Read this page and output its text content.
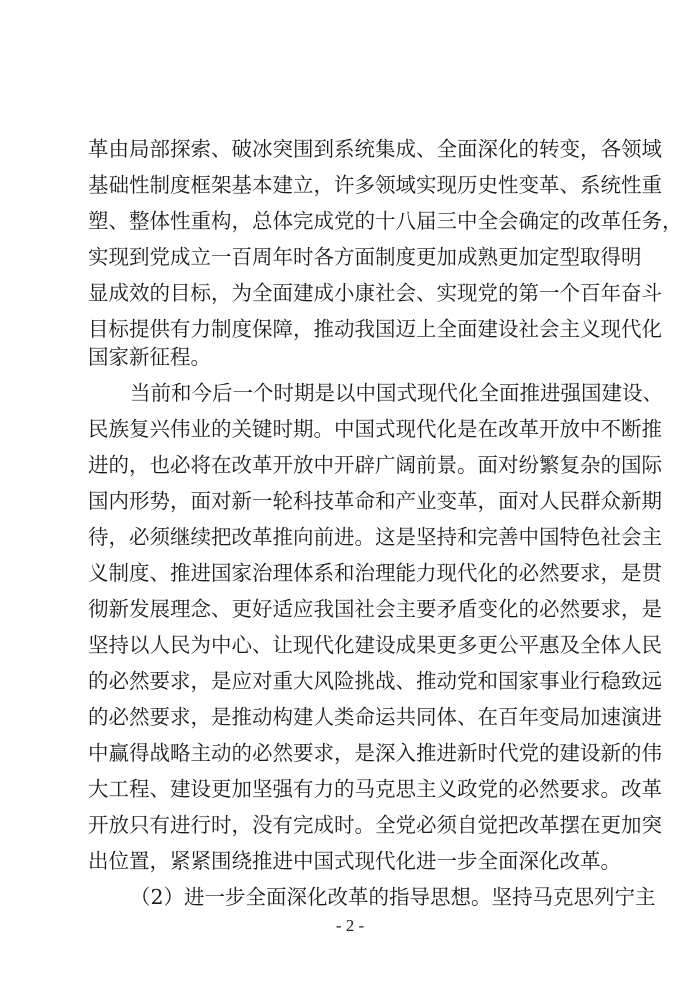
革由局部探索、破冰突围到系统集成、全面深化的转变，各领域
基础性制度框架基本建立，许多领域实现历史性变革、系统性重
塑、整体性重构，总体完成党的十八届三中全会确定的改革任务，
实现到党成立一百周年时各方面制度更加成熟更加定型取得明
显成效的目标，为全面建成小康社会、实现党的第一个百年奋斗
目标提供有力制度保障，推动我国迈上全面建设社会主义现代化
国家新征程。
当前和今后一个时期是以中国式现代化全面推进强国建设、
民族复兴伟业的关键时期。中国式现代化是在改革开放中不断推
进的，也必将在改革开放中开辟广阔前景。面对纷繁复杂的国际
国内形势，面对新一轮科技革命和产业变革，面对人民群众新期
待，必须继续把改革推向前进。这是坚持和完善中国特色社会主
义制度、推进国家治理体系和治理能力现代化的必然要求，是贯
彻新发展理念、更好适应我国社会主要矛盾变化的必然要求，是
坚持以人民为中心、让现代化建设成果更多更公平惠及全体人民
的必然要求，是应对重大风险挑战、推动党和国家事业行稳致远
的必然要求，是推动构建人类命运共同体、在百年变局加速演进
中赢得战略主动的必然要求，是深入推进新时代党的建设新的伟
大工程、建设更加坚强有力的马克思主义政党的必然要求。改革
开放只有进行时，没有完成时。全党必须自觉把改革摆在更加突
出位置，紧紧围绕推进中国式现代化进一步全面深化改革。
（2）进一步全面深化改革的指导思想。坚持马克思列宁主
- 2 -
